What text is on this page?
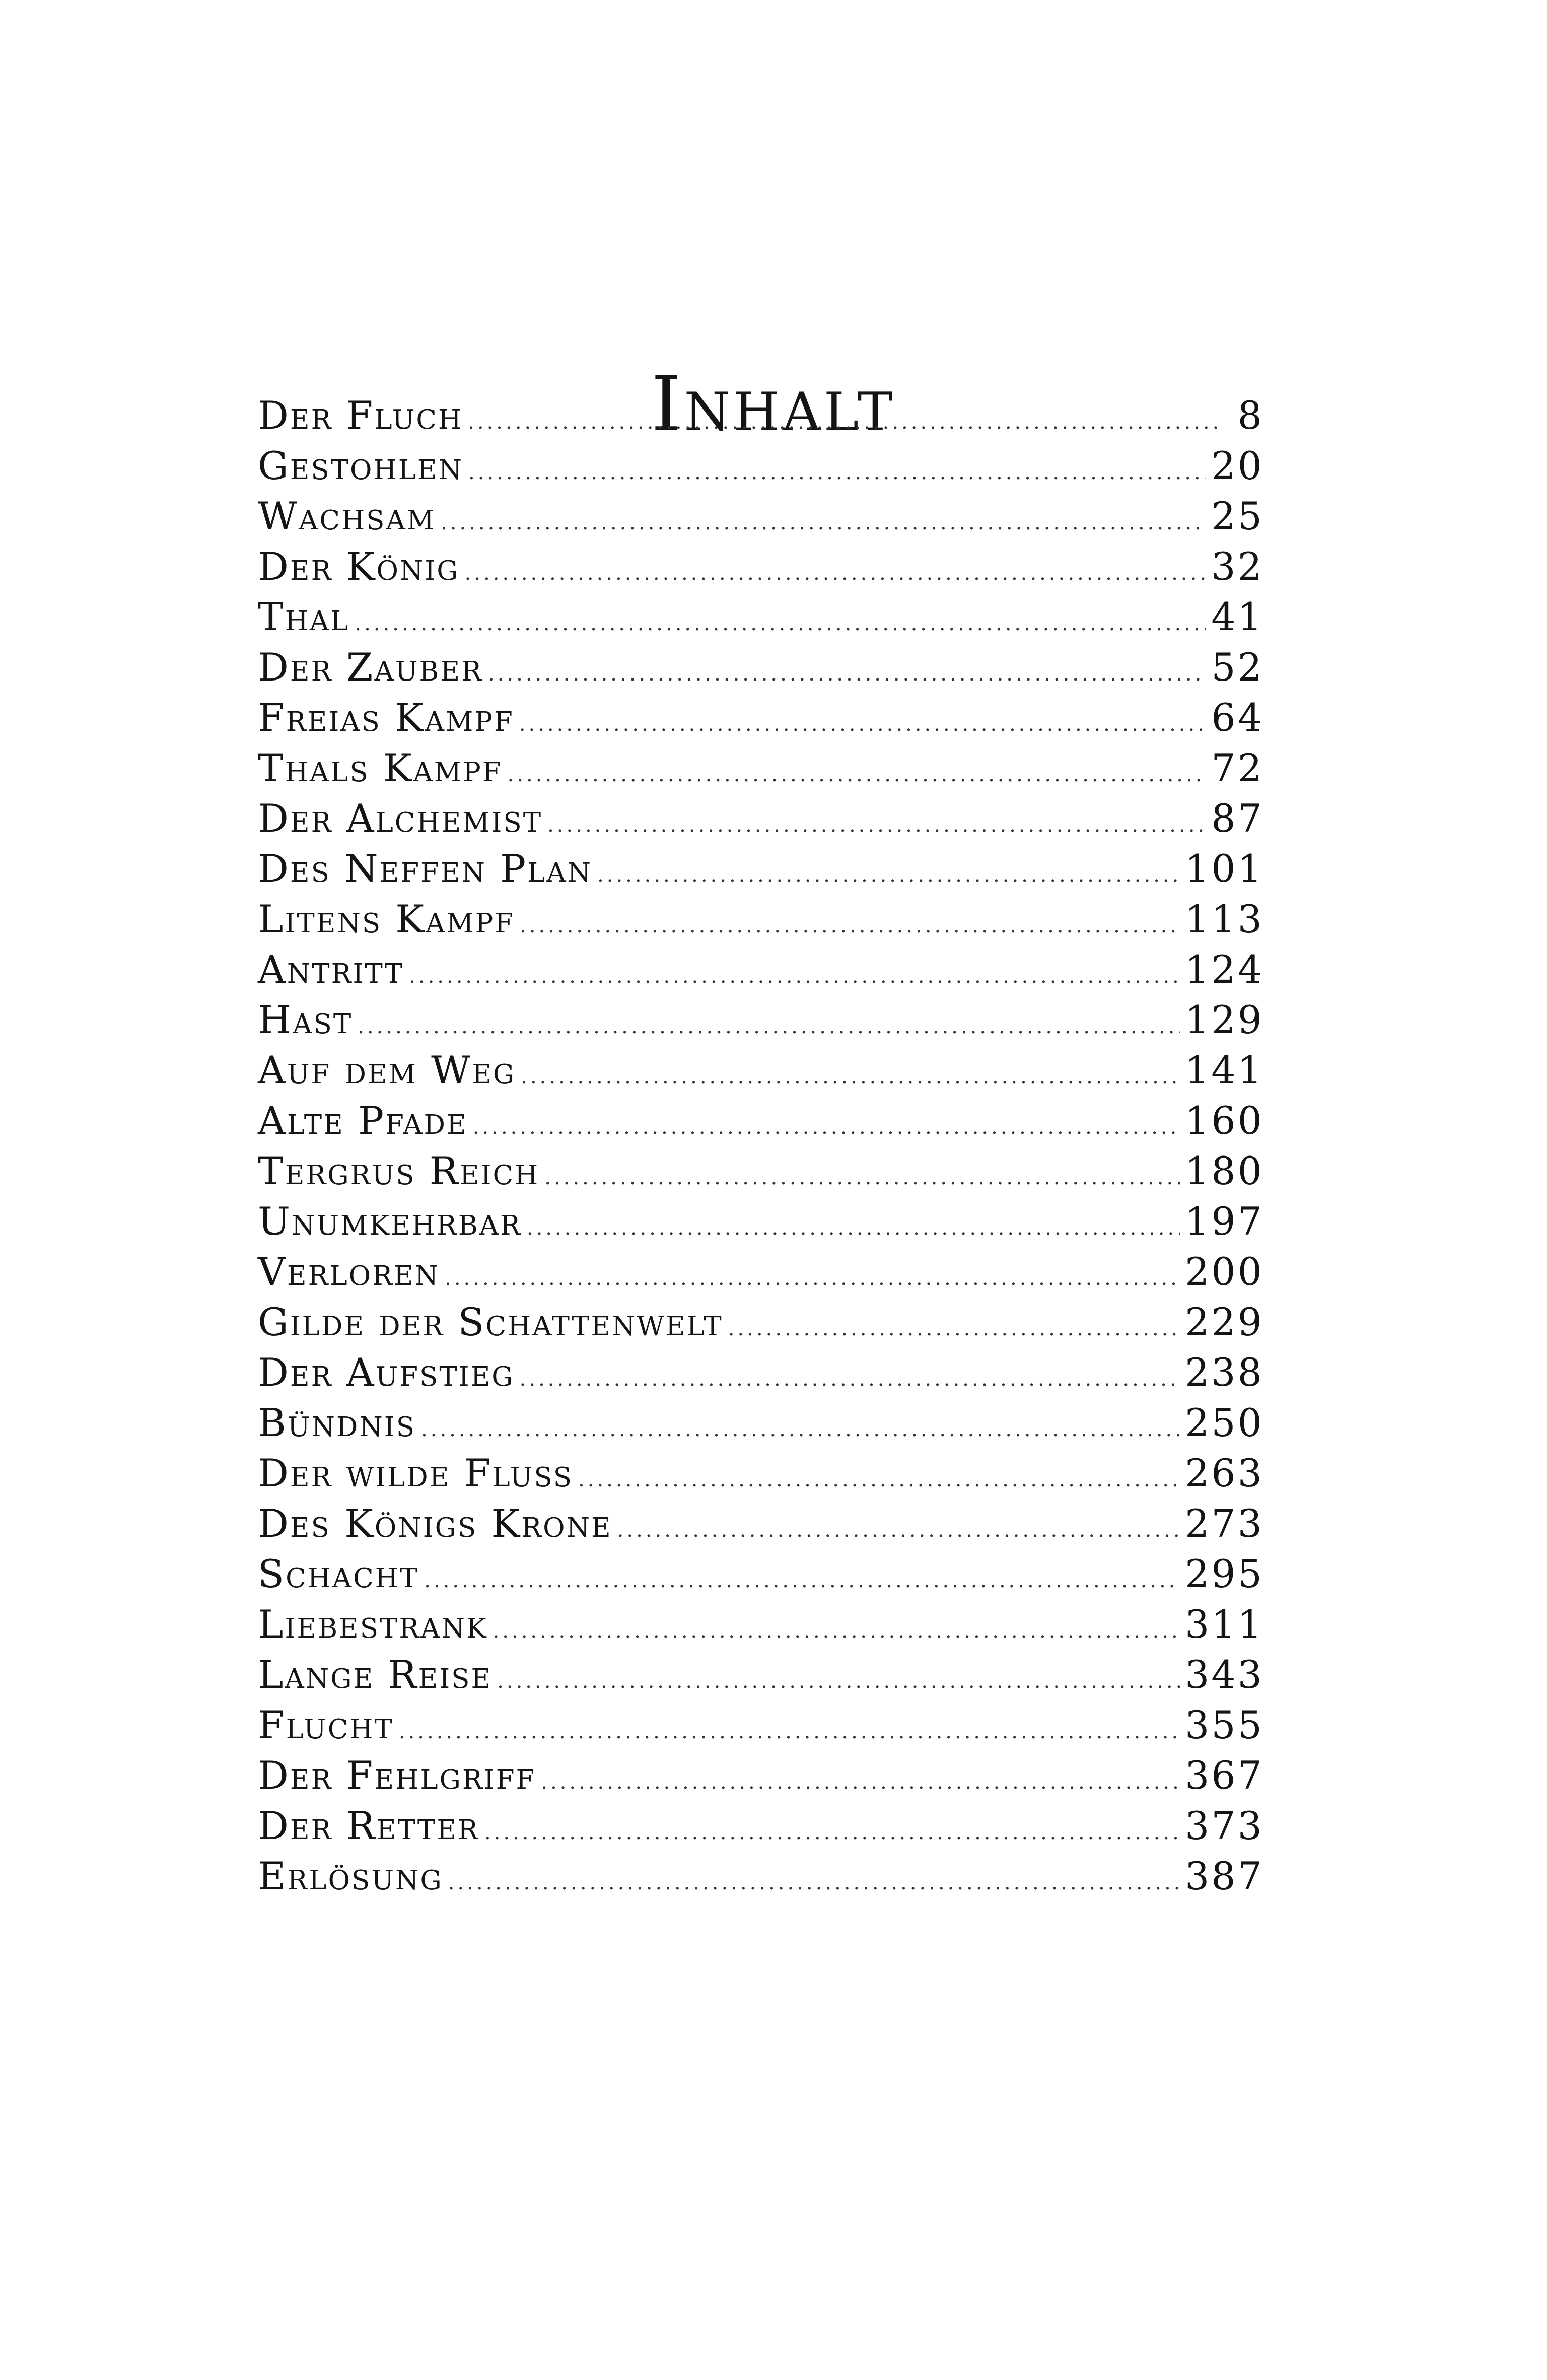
Inhalt
Der Fluch .....	8
Gestohlen .....	20
Wachsam .....	25
Der König .....	32
Thal .....	41
Der Zauber .....	52
Freias Kampf .....	64
Thals Kampf .....	72
Der Alchemist .....	87
Des Neffen Plan .....	101
Litens Kampf .....	113
Antritt .....	124
Hast .....	129
Auf dem Weg .....	141
Alte Pfade .....	160
Tergrus Reich .....	180
Unumkehrbar .....	197
Verloren .....	200
Gilde der Schattenwelt .....	229
Der Aufstieg .....	238
Bündnis .....	250
Der wilde Fluss .....	263
Des Königs Krone .....	273
Schacht .....	295
Liebestrank .....	311
Lange Reise .....	343
Flucht .....	355
Der Fehlgriff .....	367
Der Retter .....	373
Erlösung .....	387
